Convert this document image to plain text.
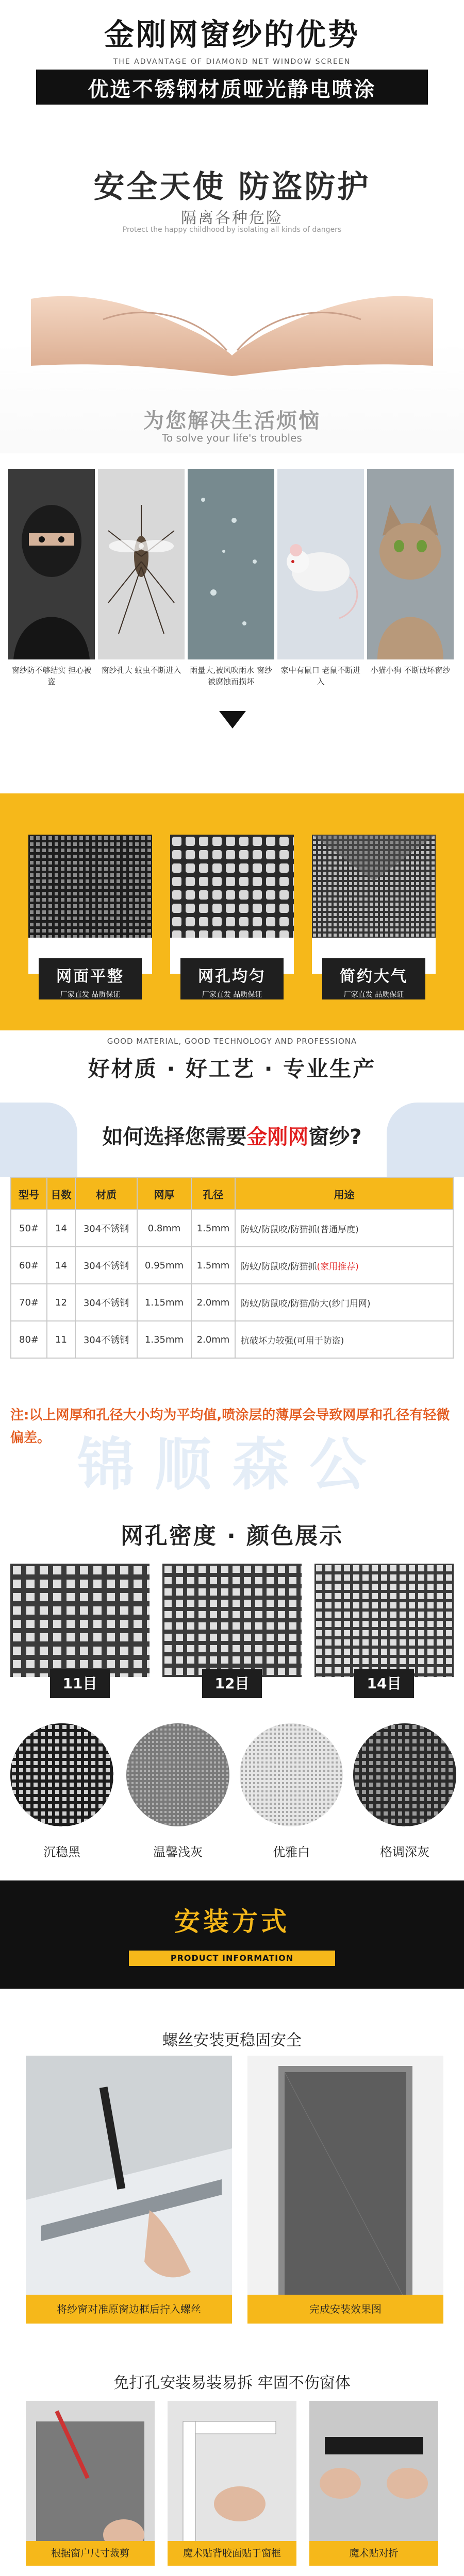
金刚网窗纱的优势
THE ADVANTAGE OF DIAMOND NET WINDOW SCREEN
优选不锈钢材质哑光静电喷涂
安全天使 防盗防护
隔离各种危险
Protect the happy childhood by isolating all kinds of dangers
为您解决生活烦恼
To solve your life's troubles
窗纱防不够结实 担心被盗
窗纱孔大 蚊虫不断进入	雨量大,被风吹雨水 窗纱被腐蚀而损坏
家中有鼠口 老鼠不断进入
小猫小狗 不断破坏窗纱
网面平整
厂家直发 品质保证
网孔均匀
厂家直发 品质保证
简约大气
厂家直发 品质保证
GOOD MATERIAL, GOOD TECHNOLOGY AND PROFESSIONA
好材质 · 好工艺 · 专业生产
如何选择您需要金刚网窗纱?
锦顺森公
型号	目数	材质	网厚	孔径	用途
50#	14	304不锈钢	0.8mm	1.5mm	防蚊/防鼠咬/防猫抓(普通厚度)
60#	14	304不锈钢	0.95mm	1.5mm	防蚊/防鼠咬/防猫抓(家用推荐)
70#	12	304不锈钢	1.15mm	2.0mm	防蚊/防鼠咬/防猫/防大(纱门用网)
80#	11	304不锈钢	1.35mm	2.0mm	抗破坏力较强(可用于防盗)
注:以上网厚和孔径大小均为平均值,喷涂层的薄厚会导致网厚和孔径有轻微偏差。
网孔密度 · 颜色展示
11目	12目	14目
沉稳黑	温馨浅灰	优雅白	格调深灰
安装方式
PRODUCT INFORMATION
螺丝安装更稳固安全
将纱窗对准原窗边框后拧入螺丝	完成安装效果图
免打孔安装易装易拆 牢固不伤窗体
根据窗户尺寸裁剪	魔术贴背胶面贴于窗框	魔术贴对折
